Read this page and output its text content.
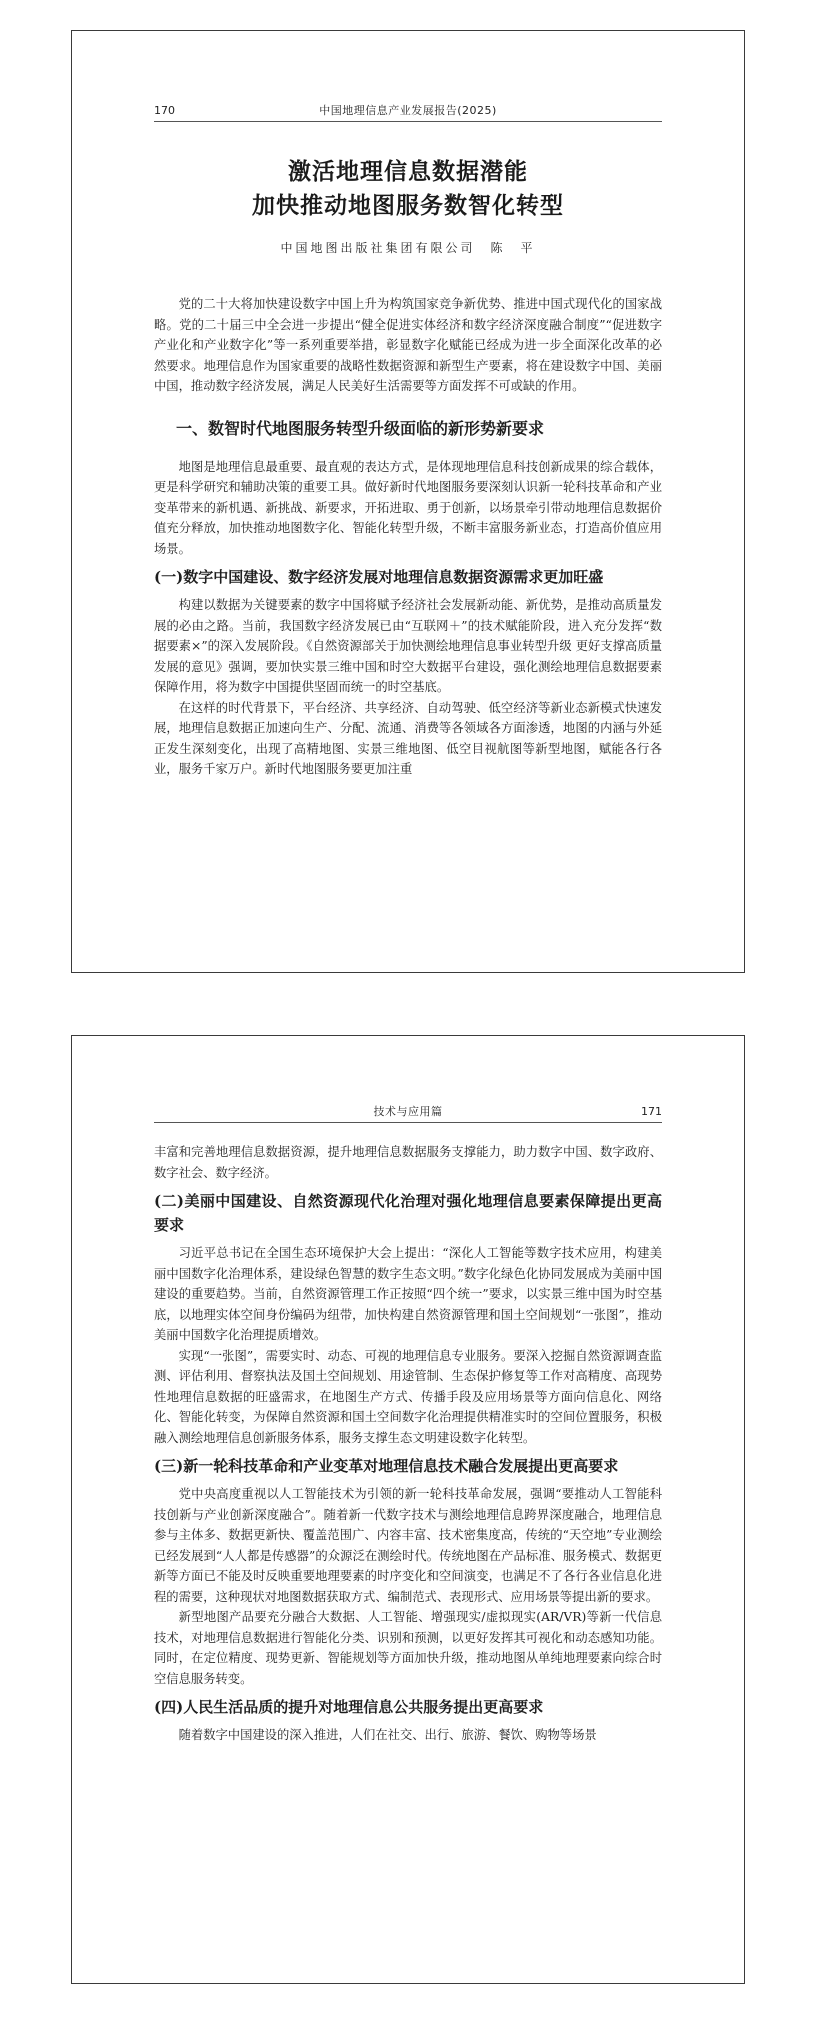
170	中国地理信息产业发展报告(2025)
激活地理信息数据潜能
加快推动地图服务数智化转型
中国地图出版社集团有限公司　陈　平

党的二十大将加快建设数字中国上升为构筑国家竞争新优势、推进中国式现代化的国家战略。党的二十届三中全会进一步提出“健全促进实体经济和数字经济深度融合制度”“促进数字产业化和产业数字化”等一系列重要举措，彰显数字化赋能已经成为进一步全面深化改革的必然要求。地理信息作为国家重要的战略性数据资源和新型生产要素，将在建设数字中国、美丽中国，推动数字经济发展，满足人民美好生活需要等方面发挥不可或缺的作用。

一、数智时代地图服务转型升级面临的新形势新要求

地图是地理信息最重要、最直观的表达方式，是体现地理信息科技创新成果的综合载体，更是科学研究和辅助决策的重要工具。做好新时代地图服务要深刻认识新一轮科技革命和产业变革带来的新机遇、新挑战、新要求，开拓进取、勇于创新，以场景牵引带动地理信息数据价值充分释放，加快推动地图数字化、智能化转型升级，不断丰富服务新业态，打造高价值应用场景。

(一)数字中国建设、数字经济发展对地理信息数据资源需求更加旺盛

构建以数据为关键要素的数字中国将赋予经济社会发展新动能、新优势，是推动高质量发展的必由之路。当前，我国数字经济发展已由“互联网＋”的技术赋能阶段，进入充分发挥“数据要素×”的深入发展阶段。《自然资源部关于加快测绘地理信息事业转型升级 更好支撑高质量发展的意见》强调，要加快实景三维中国和时空大数据平台建设，强化测绘地理信息数据要素保障作用，将为数字中国提供坚固而统一的时空基底。

在这样的时代背景下，平台经济、共享经济、自动驾驶、低空经济等新业态新模式快速发展，地理信息数据正加速向生产、分配、流通、消费等各领域各方面渗透，地图的内涵与外延正发生深刻变化，出现了高精地图、实景三维地图、低空目视航图等新型地图，赋能各行各业，服务千家万户。新时代地图服务要更加注重

技术与应用篇	171

丰富和完善地理信息数据资源，提升地理信息数据服务支撑能力，助力数字中国、数字政府、数字社会、数字经济。

(二)美丽中国建设、自然资源现代化治理对强化地理信息要素保障提出更高要求

习近平总书记在全国生态环境保护大会上提出：“深化人工智能等数字技术应用，构建美丽中国数字化治理体系，建设绿色智慧的数字生态文明。”数字化绿色化协同发展成为美丽中国建设的重要趋势。当前，自然资源管理工作正按照“四个统一”要求，以实景三维中国为时空基底，以地理实体空间身份编码为纽带，加快构建自然资源管理和国土空间规划“一张图”，推动美丽中国数字化治理提质增效。

实现“一张图”，需要实时、动态、可视的地理信息专业服务。要深入挖掘自然资源调查监测、评估利用、督察执法及国土空间规划、用途管制、生态保护修复等工作对高精度、高现势性地理信息数据的旺盛需求，在地图生产方式、传播手段及应用场景等方面向信息化、网络化、智能化转变，为保障自然资源和国土空间数字化治理提供精准实时的空间位置服务，积极融入测绘地理信息创新服务体系，服务支撑生态文明建设数字化转型。

(三)新一轮科技革命和产业变革对地理信息技术融合发展提出更高要求

党中央高度重视以人工智能技术为引领的新一轮科技革命发展，强调“要推动人工智能科技创新与产业创新深度融合”。随着新一代数字技术与测绘地理信息跨界深度融合，地理信息参与主体多、数据更新快、覆盖范围广、内容丰富、技术密集度高，传统的“天空地”专业测绘已经发展到“人人都是传感器”的众源泛在测绘时代。传统地图在产品标准、服务模式、数据更新等方面已不能及时反映重要地理要素的时序变化和空间演变，也满足不了各行各业信息化进程的需要，这种现状对地图数据获取方式、编制范式、表现形式、应用场景等提出新的要求。

新型地图产品要充分融合大数据、人工智能、增强现实/虚拟现实(AR/VR)等新一代信息技术，对地理信息数据进行智能化分类、识别和预测，以更好发挥其可视化和动态感知功能。同时，在定位精度、现势更新、智能规划等方面加快升级，推动地图从单纯地理要素向综合时空信息服务转变。

(四)人民生活品质的提升对地理信息公共服务提出更高要求

随着数字中国建设的深入推进，人们在社交、出行、旅游、餐饮、购物等场景
